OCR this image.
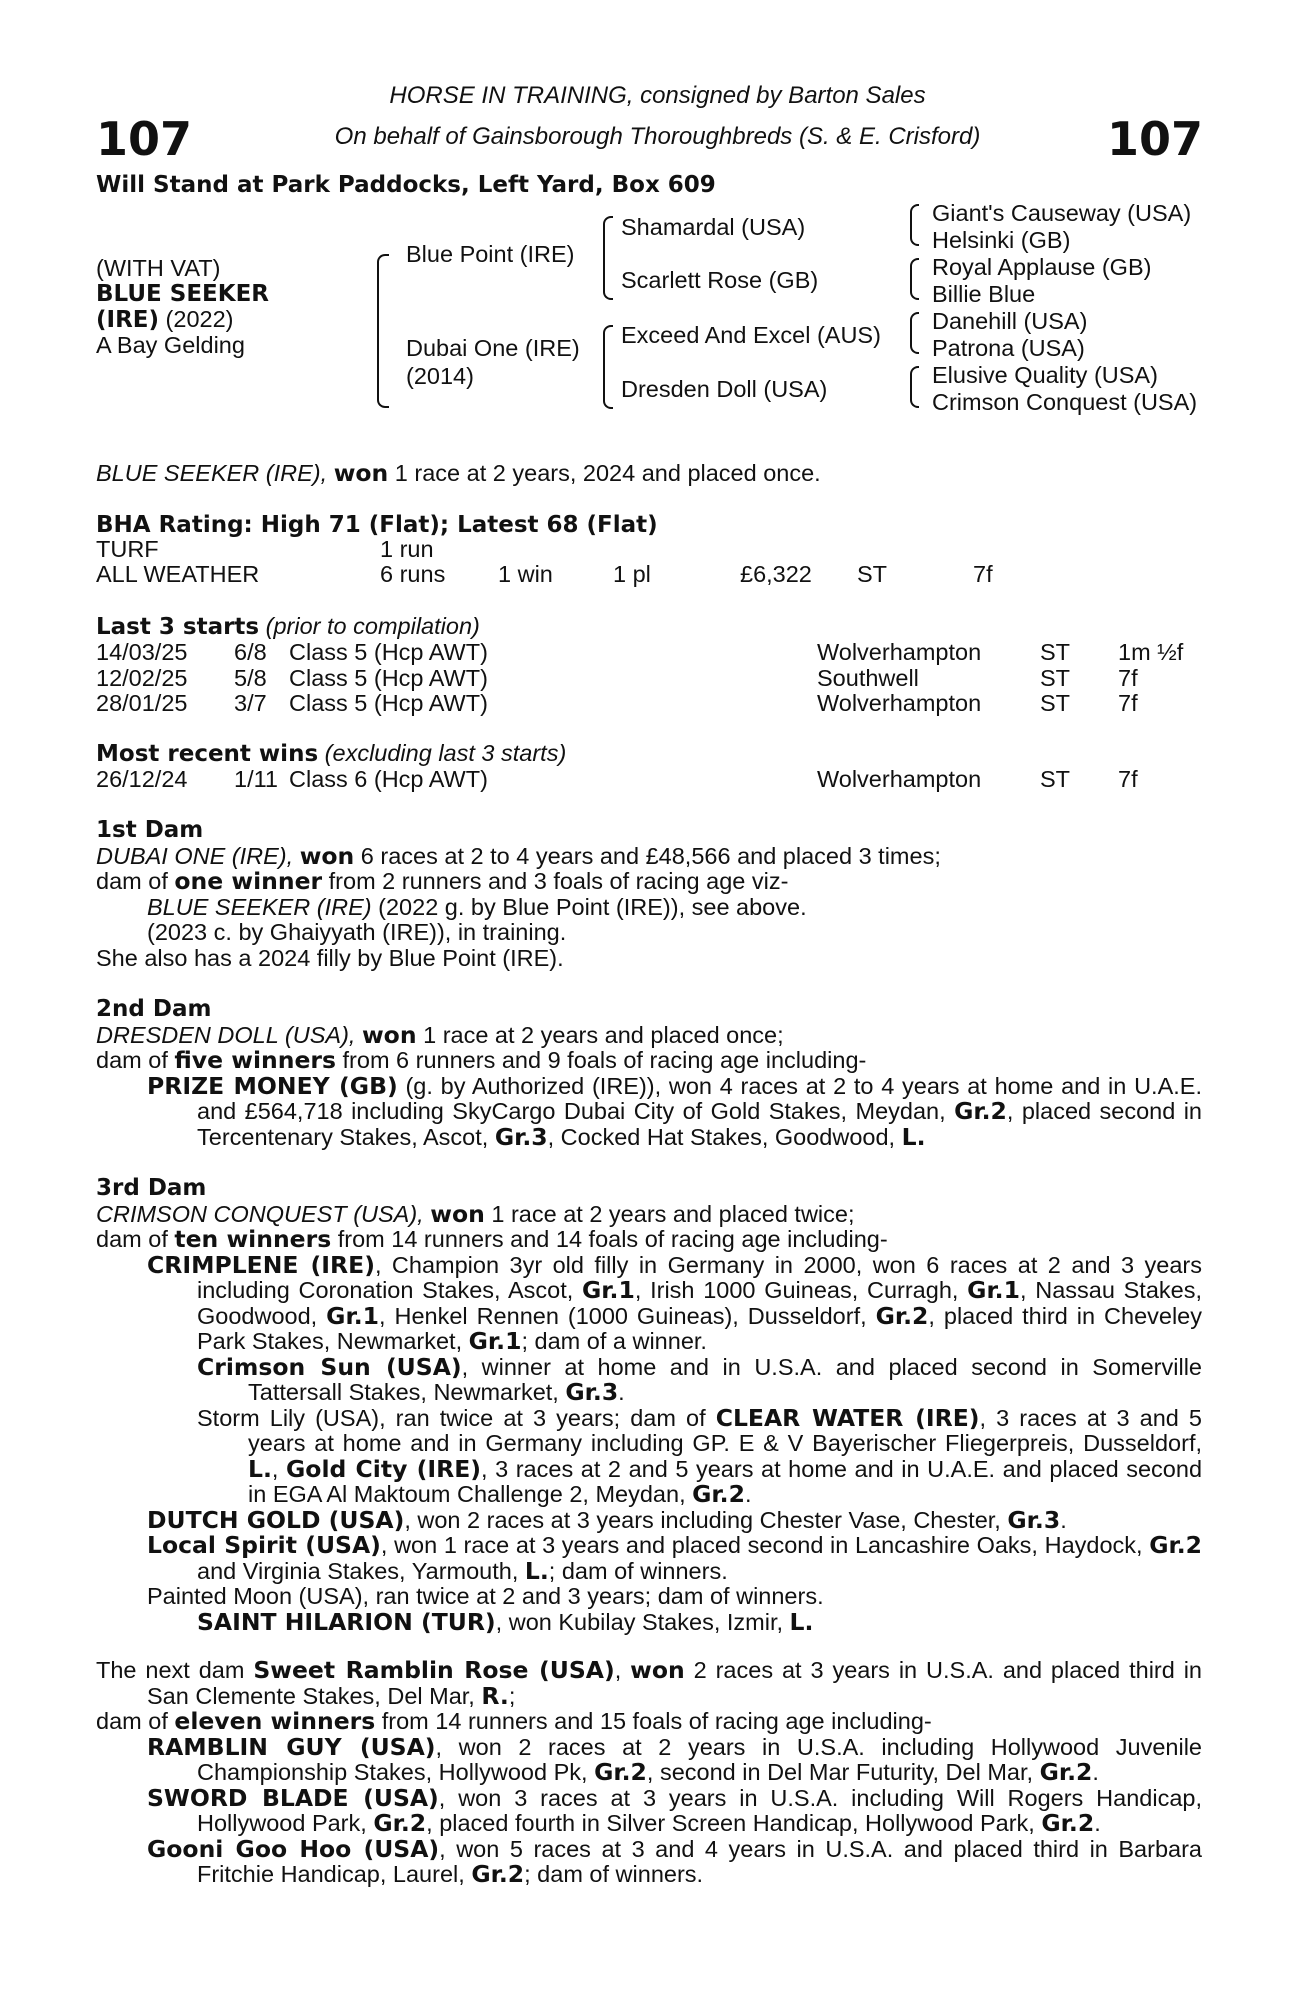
107	107
HORSE IN TRAINING, consigned by Barton Sales
On behalf of Gainsborough Thoroughbreds (S. & E. Crisford)
Will Stand at Park Paddocks, Left Yard, Box 609
(WITH VAT)
BLUE SEEKER
(IRE) (2022)
A Bay Gelding
Blue Point (IRE)
Dubai One (IRE)
(2014)
Shamardal (USA)
Scarlett Rose (GB)
Exceed And Excel (AUS)
Dresden Doll (USA)
Giant's Causeway (USA)
Helsinki (GB)
Royal Applause (GB)
Billie Blue
Danehill (USA)
Patrona (USA)
Elusive Quality (USA)
Crimson Conquest (USA)
BLUE SEEKER (IRE), won 1 race at 2 years, 2024 and placed once.
BHA Rating: High 71 (Flat); Latest 68 (Flat)
TURF	1 run
ALL WEATHER	6 runs 1 win	1 pl	£6,322 ST	7f
Last 3 starts (prior to compilation)
14/03/25 6/8 Class 5 (Hcp AWT)	Wolverhampton	ST 1m ½f
12/02/25 5/8 Class 5 (Hcp AWT)	Southwell	ST 7f
28/01/25 3/7 Class 5 (Hcp AWT)	Wolverhampton	ST 7f
Most recent wins (excluding last 3 starts)
26/12/24 1/11 Class 6 (Hcp AWT)	Wolverhampton	ST 7f

1st Dam

DUBAI ONE (IRE), won 6 races at 2 to 4 years and £48,566 and placed 3 times;

dam of one winner from 2 runners and 3 foals of racing age viz-

BLUE SEEKER (IRE) (2022 g. by Blue Point (IRE)), see above.

(2023 c. by Ghaiyyath (IRE)), in training.

She also has a 2024 filly by Blue Point (IRE).

2nd Dam

DRESDEN DOLL (USA), won 1 race at 2 years and placed once;

dam of five winners from 6 runners and 9 foals of racing age including-

PRIZE MONEY (GB) (g. by Authorized (IRE)), won 4 races at 2 to 4 years at home and in U.A.E. and £564,718 including SkyCargo Dubai City of Gold Stakes, Meydan, Gr.2, placed second in Tercentenary Stakes, Ascot, Gr.3, Cocked Hat Stakes, Goodwood, L.

3rd Dam

CRIMSON CONQUEST (USA), won 1 race at 2 years and placed twice;

dam of ten winners from 14 runners and 14 foals of racing age including-

CRIMPLENE (IRE), Champion 3yr old filly in Germany in 2000, won 6 races at 2 and 3 years including Coronation Stakes, Ascot, Gr.1, Irish 1000 Guineas, Curragh, Gr.1, Nassau Stakes, Goodwood, Gr.1, Henkel Rennen (1000 Guineas), Dusseldorf, Gr.2, placed third in Cheveley Park Stakes, Newmarket, Gr.1; dam of a winner.

Crimson Sun (USA), winner at home and in U.S.A. and placed second in Somerville Tattersall Stakes, Newmarket, Gr.3.

Storm Lily (USA), ran twice at 3 years; dam of CLEAR WATER (IRE), 3 races at 3 and 5 years at home and in Germany including GP. E & V Bayerischer Fliegerpreis, Dusseldorf, L., Gold City (IRE), 3 races at 2 and 5 years at home and in U.A.E. and placed second in EGA Al Maktoum Challenge 2, Meydan, Gr.2.

DUTCH GOLD (USA), won 2 races at 3 years including Chester Vase, Chester, Gr.3.

Local Spirit (USA), won 1 race at 3 years and placed second in Lancashire Oaks, Haydock, Gr.2 and Virginia Stakes, Yarmouth, L.; dam of winners.

Painted Moon (USA), ran twice at 2 and 3 years; dam of winners.

SAINT HILARION (TUR), won Kubilay Stakes, Izmir, L.

The next dam Sweet Ramblin Rose (USA), won 2 races at 3 years in U.S.A. and placed third in San Clemente Stakes, Del Mar, R.;

dam of eleven winners from 14 runners and 15 foals of racing age including-

RAMBLIN GUY (USA), won 2 races at 2 years in U.S.A. including Hollywood Juvenile Championship Stakes, Hollywood Pk, Gr.2, second in Del Mar Futurity, Del Mar, Gr.2.

SWORD BLADE (USA), won 3 races at 3 years in U.S.A. including Will Rogers Handicap, Hollywood Park, Gr.2, placed fourth in Silver Screen Handicap, Hollywood Park, Gr.2.

Gooni Goo Hoo (USA), won 5 races at 3 and 4 years in U.S.A. and placed third in Barbara Fritchie Handicap, Laurel, Gr.2; dam of winners.
